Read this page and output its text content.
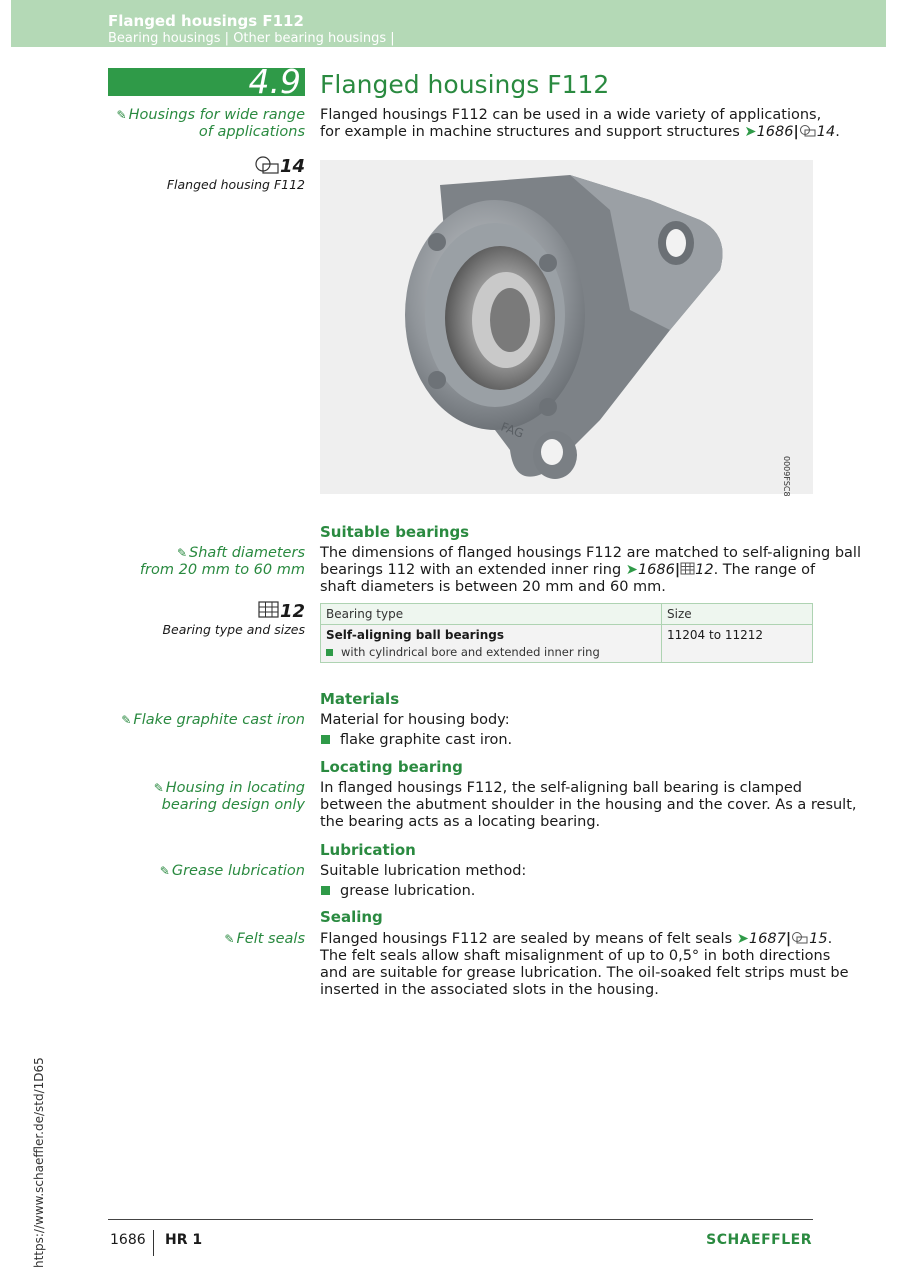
Flanged housings F112
Bearing housings | Other bearing housings |
4.9 Flanged housings F112
✎ Housings for wide range
of applications
Flanged housings F112 can be used in a wide variety of applications,
for example in machine structures and support structures ➤1686| 14.
14
Flanged housing F112
FAG
0009FSC8
Suitable bearings
✎ Shaft diameters
from 20 mm to 60 mm
The dimensions of flanged housings F112 are matched to self-aligning ball
bearings 112 with an extended inner ring ➤1686| 12. The range of
shaft diameters is between 20 mm and 60 mm.
12
Bearing type and sizes
Bearing type	Size

Self-aligning ball bearings
with cylindrical bore and extended inner ring	11204 to 11212
Materials
✎ Flake graphite cast iron Material for housing body:
flake graphite cast iron.
Locating bearing
✎ Housing in locating
bearing design only
In flanged housings F112, the self-aligning ball bearing is clamped
between the abutment shoulder in the housing and the cover. As a result,
the bearing acts as a locating bearing.
Lubrication
✎ Grease lubrication Suitable lubrication method:
grease lubrication.
Sealing
✎ Felt seals Flanged housings F112 are sealed by means of felt seals ➤1687| 15.
The felt seals allow shaft misalignment of up to 0,5° in both directions
and are suitable for grease lubrication. The oil-soaked felt strips must be
inserted in the associated slots in the housing.
https://www.schaeffler.de/std/1D65	1686 HR 1	SCHAEFFLER
